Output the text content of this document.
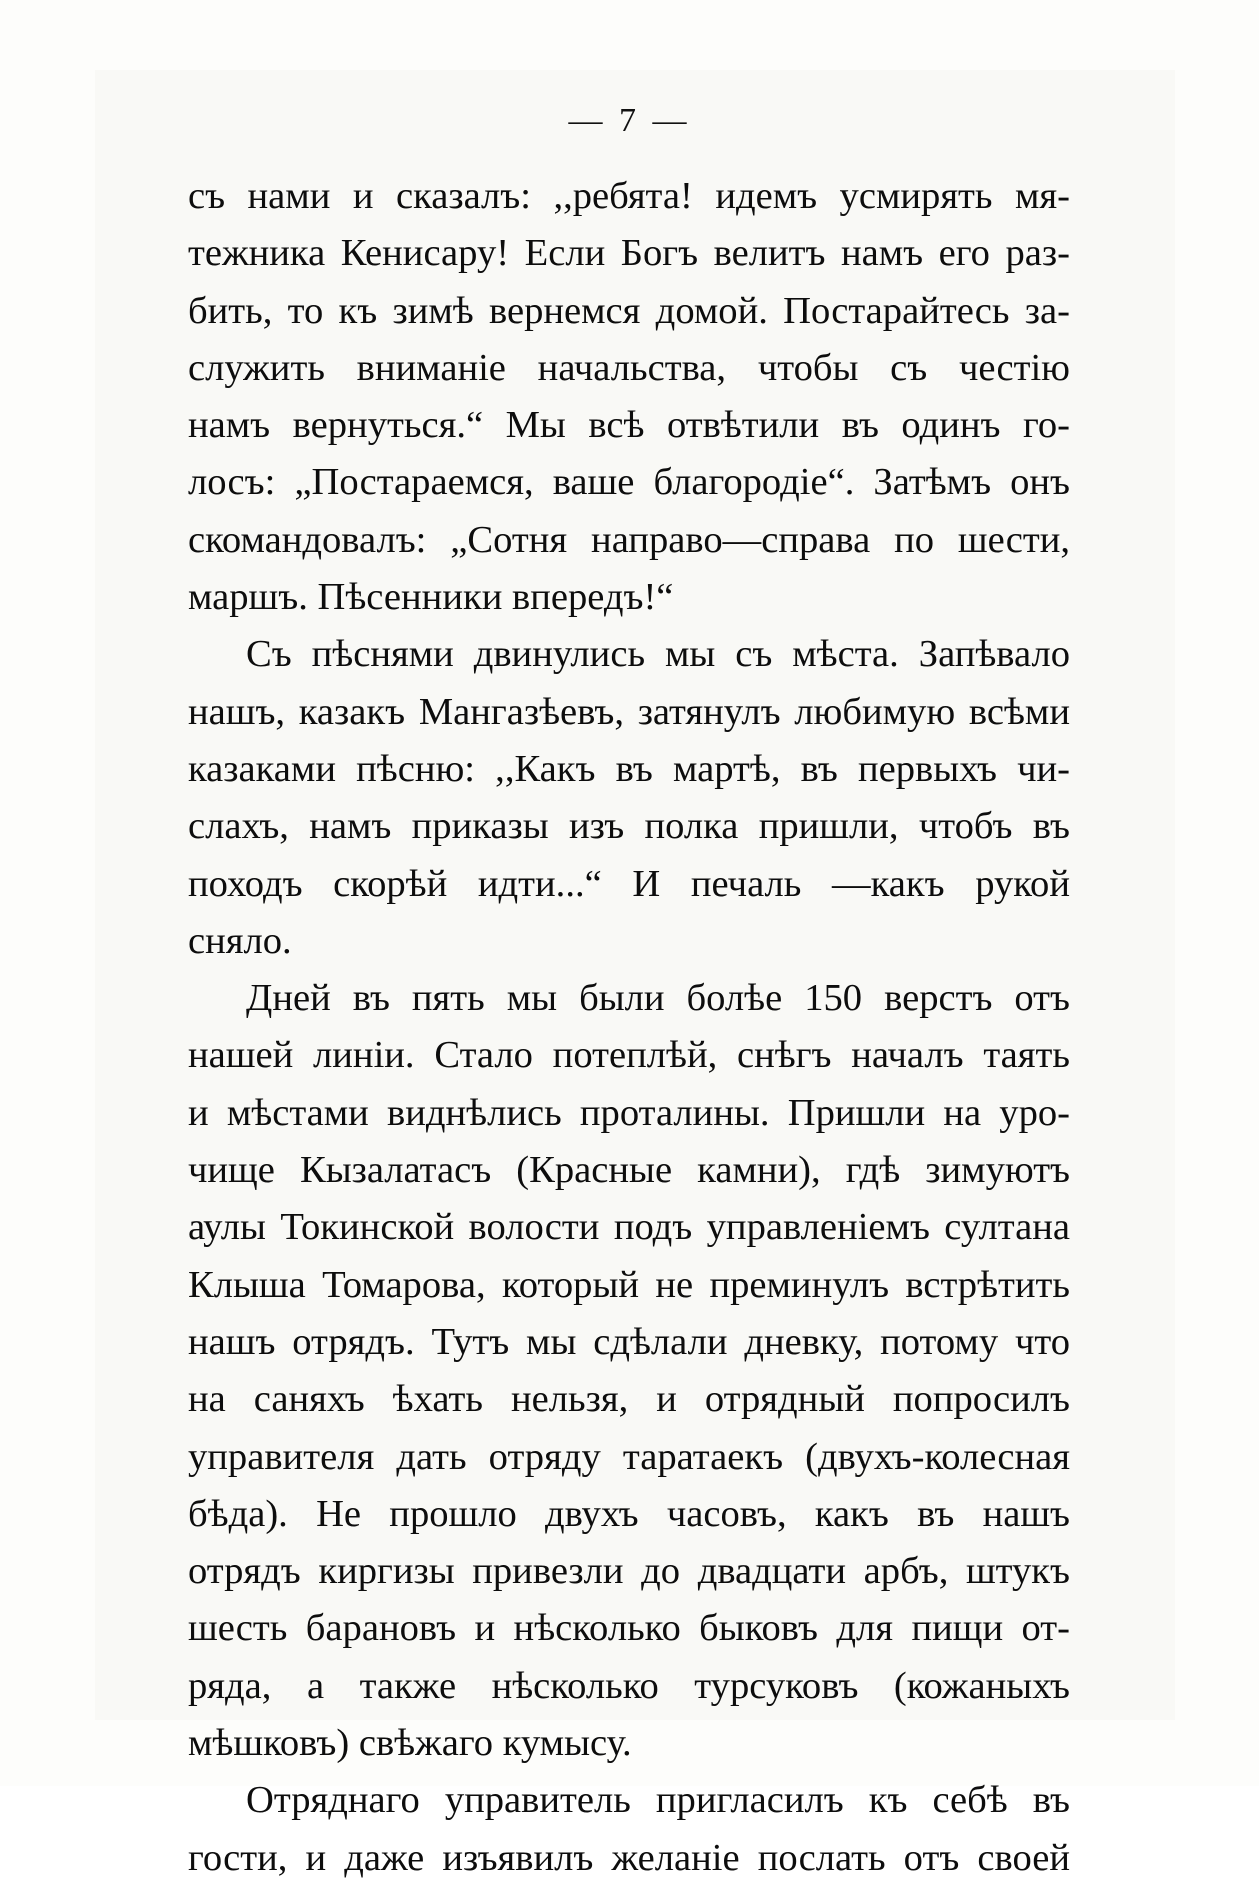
— 7 —
съ нами и сказалъ: ,,ребята! идемъ усмирять мя-
тежника Кенисару! Если Богъ велитъ намъ его раз-
бить, то къ зимѣ вернемся домой. Постарайтесь за-
служить вниманіе начальства, чтобы съ честію
намъ вернуться.“ Мы всѣ отвѣтили въ одинъ го-
лосъ: „Постараемся, ваше благородіе“. Затѣмъ онъ
скомандовалъ: „Сотня направо—справа по шести,
маршъ. Пѣсенники впередъ!“
Съ пѣснями двинулись мы съ мѣста. Запѣвало
нашъ, казакъ Мангазѣевъ, затянулъ любимую всѣми
казаками пѣсню: ,,Какъ въ мартѣ, въ первыхъ чи-
слахъ, намъ приказы изъ полка пришли, чтобъ въ
походъ скорѣй идти...“ И печаль —какъ рукой
сняло.
Дней въ пять мы были болѣе 150 верстъ отъ
нашей линіи. Стало потеплѣй, снѣгъ началъ таять
и мѣстами виднѣлись проталины. Пришли на уро-
чище Кызалатасъ (Красные камни), гдѣ зимуютъ
аулы Токинской волости подъ управленіемъ султана
Клыша Томарова, который не преминулъ встрѣтить
нашъ отрядъ. Тутъ мы сдѣлали дневку, потому что
на саняхъ ѣхать нельзя, и отрядный попросилъ
управителя дать отряду таратаекъ (двухъ-колесная
бѣда). Не прошло двухъ часовъ, какъ въ нашъ
отрядъ киргизы привезли до двадцати арбъ, штукъ
шесть барановъ и нѣсколько быковъ для пищи от-
ряда, а также нѣсколько турсуковъ (кожаныхъ
мѣшковъ) свѣжаго кумысу.
Отряднаго управитель пригласилъ къ себѣ въ
гости, и даже изъявилъ желаніе послать отъ своей
